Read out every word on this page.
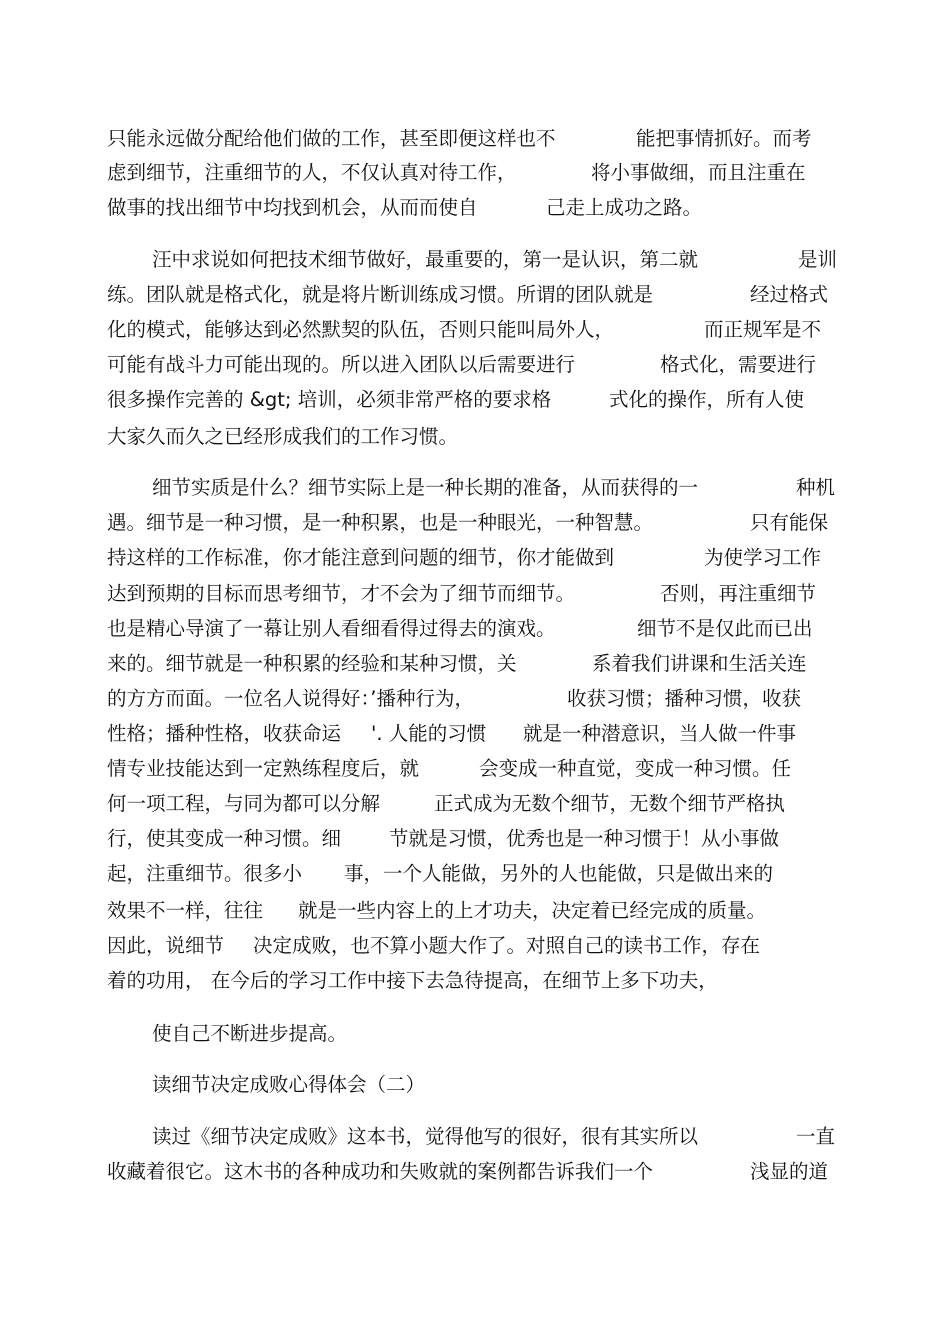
只能永远做分配给他们做的工作，甚至即便这样也不	能把事情抓好。而考
虑到细节，注重细节的人，不仅认真对待工作，	将小事做细，而且注重在
做事的找出细节中均找到机会，从而而使自	己走上成功之路。
汪中求说如何把技术细节做好，最重要的，第一是认识，第二就	是训
练。团队就是格式化，就是将片断训练成习惯。所谓的团队就是	经过格式
化的模式，能够达到必然默契的队伍，否则只能叫局外人，	而正规军是不
可能有战斗力可能出现的。所以进入团队以后需要进行	格式化，需要进行
很多操作完善的 &gt; 培训，必须非常严格的要求格	式化的操作，所有人使
大家久而久之已经形成我们的工作习惯。
细节实质是什么？细节实际上是一种长期的准备，从而获得的一	种机
遇。细节是一种习惯，是一种积累，也是一种眼光，一种智慧。	只有能保
持这样的工作标准，你才能注意到问题的细节，你才能做到	为使学习工作
达到预期的目标而思考细节，才不会为了细节而细节。	否则，再注重细节
也是精心导演了一幕让别人看细看得过得去的演戏。	细节不是仅此而已出
来的。细节就是一种积累的经验和某种习惯，关	系着我们讲课和生活关连
的方方而面。一位名人说得好：’播种行为，	收获习惯；播种习惯，收获
性格；播种性格，收获命运 '. 人能的习惯 就是一种潜意识，当人做一件事
情专业技能达到一定熟练程度后，就	会变成一种直觉，变成一种习惯。任
何一项工程，与同为都可以分解	正式成为无数个细节，无数个细节严格执
行，使其变成一种习惯。细 节就是习惯，优秀也是一种习惯于！从小事做
起，注重细节。很多小 事，一个人能做，另外的人也能做，只是做出来的
效果不一样，往往 就是一些内容上的上才功夫，决定着已经完成的质量。
因此，说细节 决定成败，也不算小题大作了。对照自己的读书工作，存在
着的功用， 在今后的学习工作中接下去急待提高，在细节上多下功夫，
使自己不断进步提高。
读细节决定成败心得体会（二）
读过《细节决定成败》这本书，觉得他写的很好，很有其实所以	一直
收藏着很它。这木书的各种成功和失败就的案例都告诉我们一个	浅显的道
